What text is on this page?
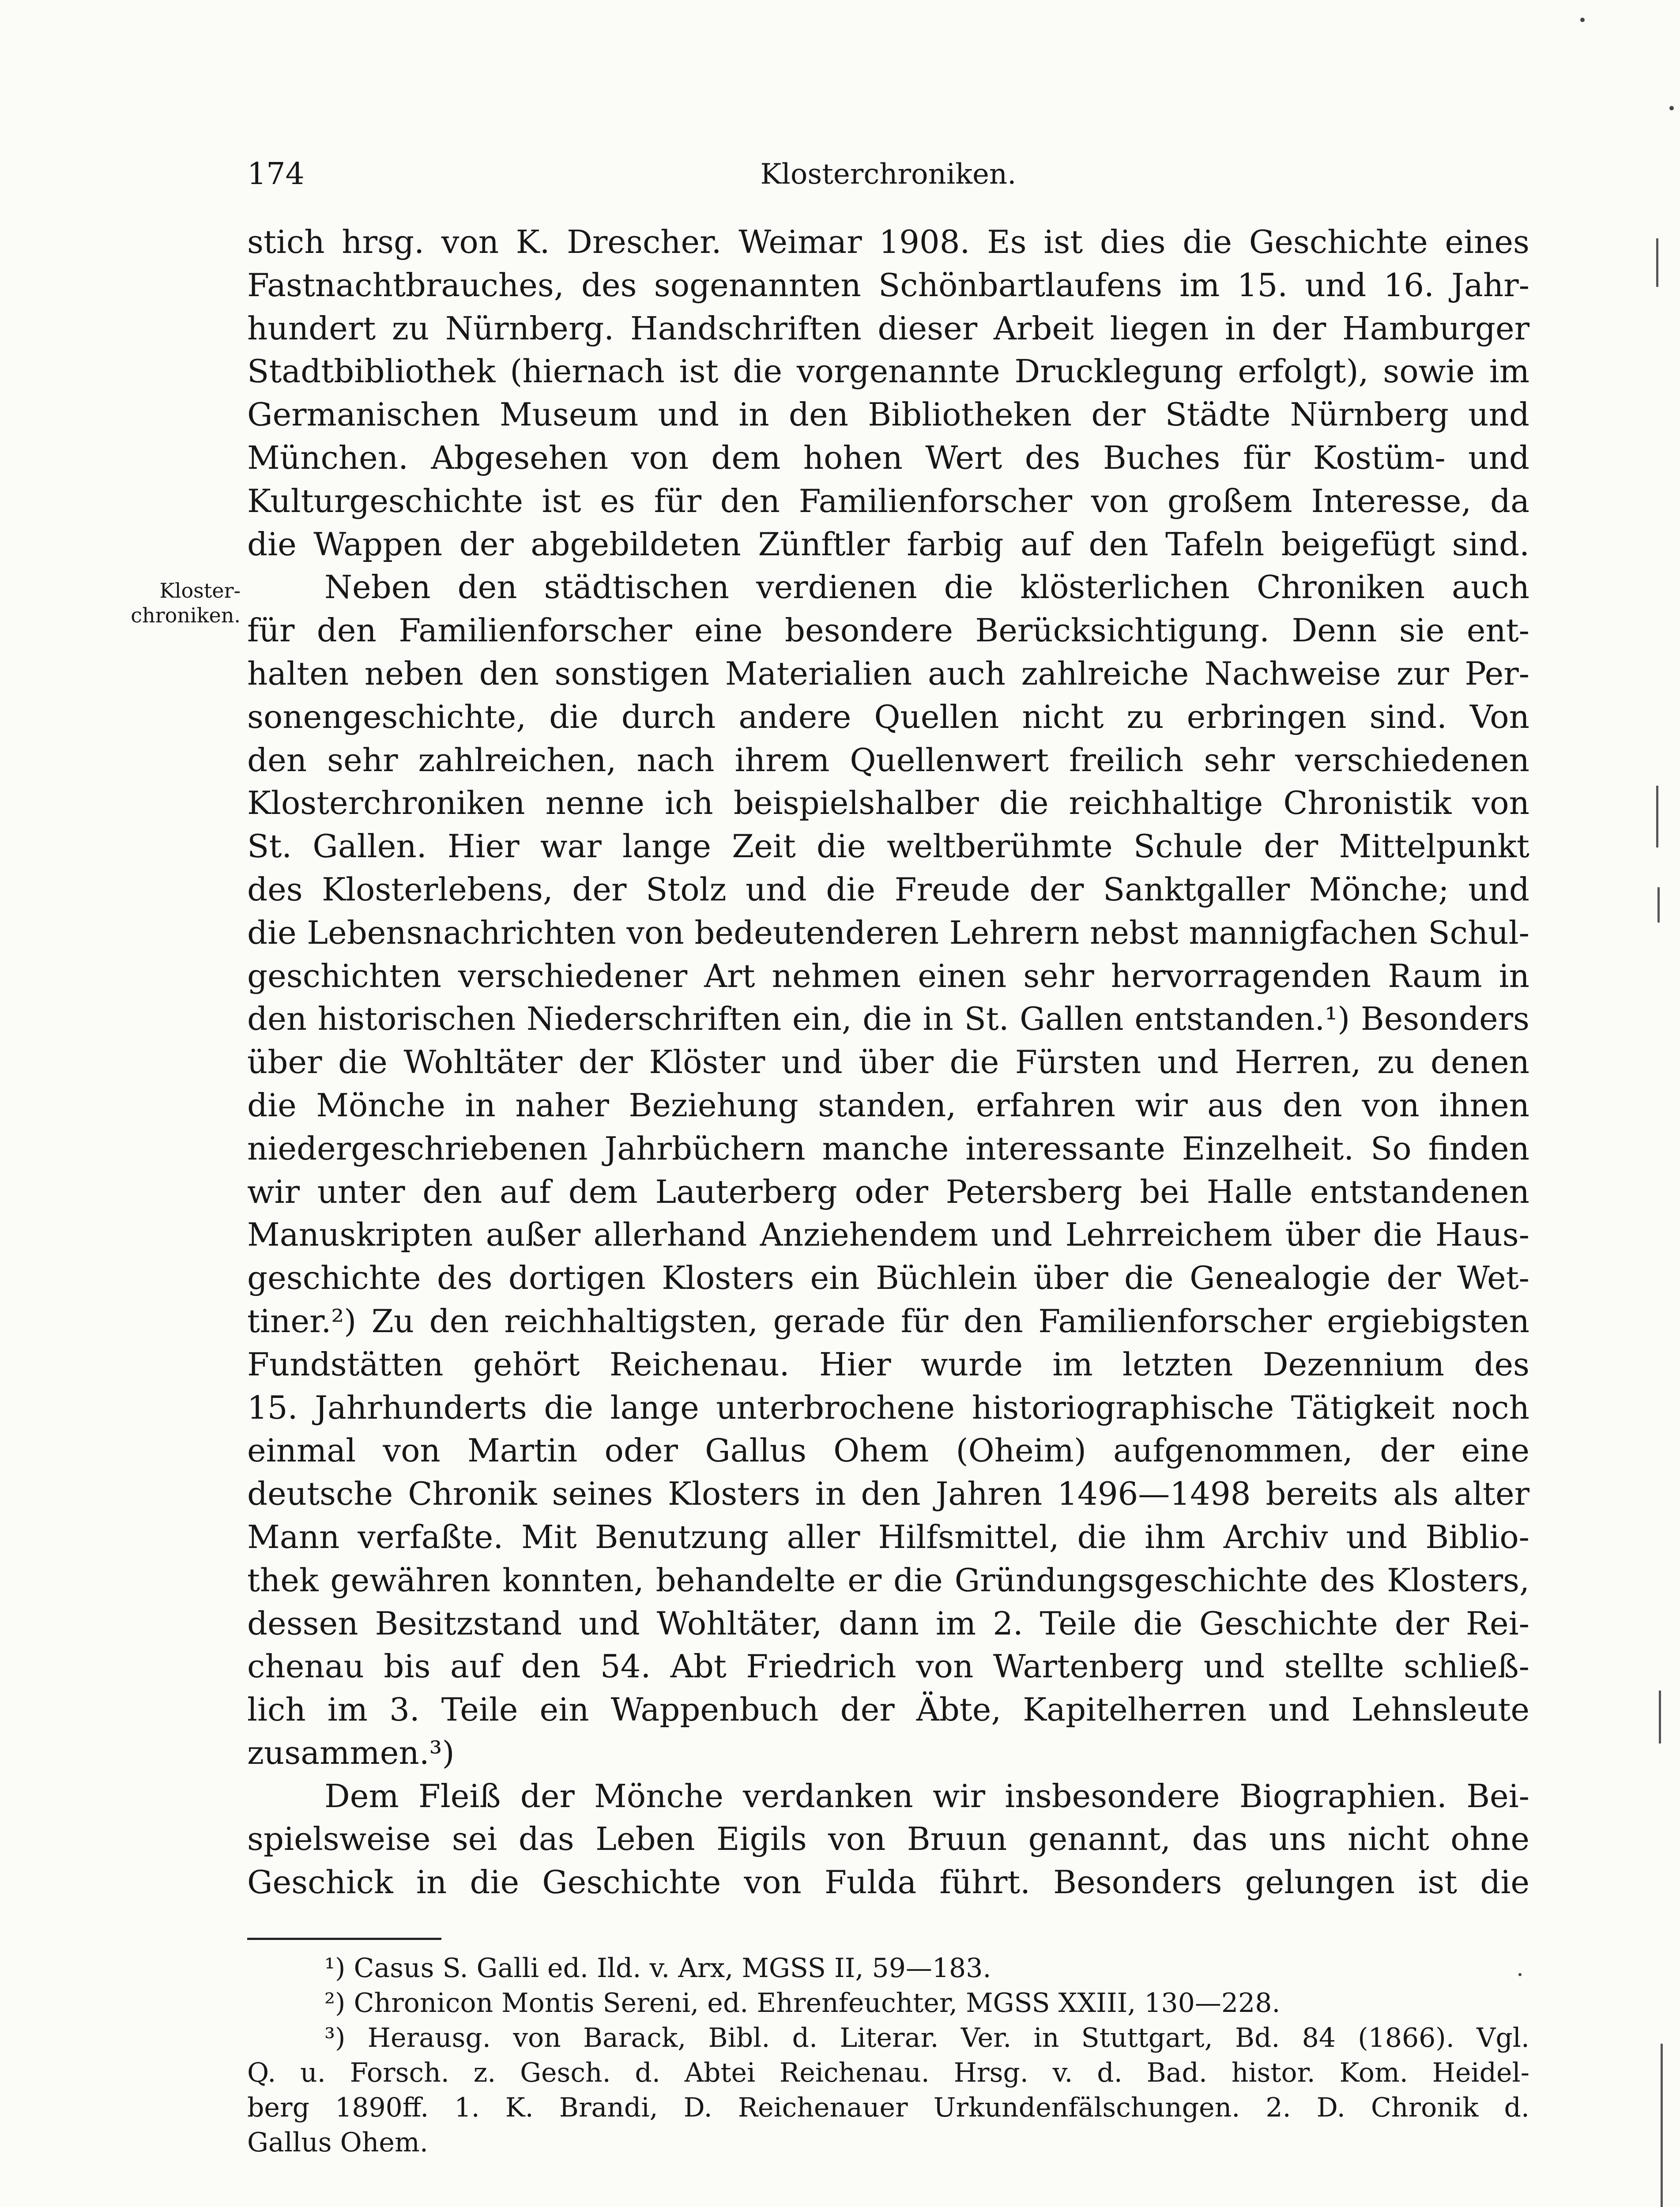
174	Klosterchroniken.
Kloster-
chroniken.
stich hrsg. von K. Drescher. Weimar 1908. Es ist dies die Geschichte eines
Fastnachtbrauches, des sogenannten Schönbartlaufens im 15. und 16. Jahr-
hundert zu Nürnberg. Handschriften dieser Arbeit liegen in der Hamburger
Stadtbibliothek (hiernach ist die vorgenannte Drucklegung erfolgt), sowie im
Germanischen Museum und in den Bibliotheken der Städte Nürnberg und
München. Abgesehen von dem hohen Wert des Buches für Kostüm- und
Kulturgeschichte ist es für den Familienforscher von großem Interesse, da
die Wappen der abgebildeten Zünftler farbig auf den Tafeln beigefügt sind.
Neben den städtischen verdienen die klösterlichen Chroniken auch
für den Familienforscher eine besondere Berücksichtigung. Denn sie ent-
halten neben den sonstigen Materialien auch zahlreiche Nachweise zur Per-
sonengeschichte, die durch andere Quellen nicht zu erbringen sind. Von
den sehr zahlreichen, nach ihrem Quellenwert freilich sehr verschiedenen
Klosterchroniken nenne ich beispielshalber die reichhaltige Chronistik von
St. Gallen. Hier war lange Zeit die weltberühmte Schule der Mittelpunkt
des Klosterlebens, der Stolz und die Freude der Sanktgaller Mönche; und
die Lebensnachrichten von bedeutenderen Lehrern nebst mannigfachen Schul-
geschichten verschiedener Art nehmen einen sehr hervorragenden Raum in
den historischen Niederschriften ein, die in St. Gallen entstanden.¹) Besonders
über die Wohltäter der Klöster und über die Fürsten und Herren, zu denen
die Mönche in naher Beziehung standen, erfahren wir aus den von ihnen
niedergeschriebenen Jahrbüchern manche interessante Einzelheit. So finden
wir unter den auf dem Lauterberg oder Petersberg bei Halle entstandenen
Manuskripten außer allerhand Anziehendem und Lehrreichem über die Haus-
geschichte des dortigen Klosters ein Büchlein über die Genealogie der Wet-
tiner.²) Zu den reichhaltigsten, gerade für den Familienforscher ergiebigsten
Fundstätten gehört Reichenau. Hier wurde im letzten Dezennium des
15. Jahrhunderts die lange unterbrochene historiographische Tätigkeit noch
einmal von Martin oder Gallus Ohem (Oheim) aufgenommen, der eine
deutsche Chronik seines Klosters in den Jahren 1496—1498 bereits als alter
Mann verfaßte. Mit Benutzung aller Hilfsmittel, die ihm Archiv und Biblio-
thek gewähren konnten, behandelte er die Gründungsgeschichte des Klosters,
dessen Besitzstand und Wohltäter, dann im 2. Teile die Geschichte der Rei-
chenau bis auf den 54. Abt Friedrich von Wartenberg und stellte schließ-
lich im 3. Teile ein Wappenbuch der Äbte, Kapitelherren und Lehnsleute
zusammen.³)
Dem Fleiß der Mönche verdanken wir insbesondere Biographien. Bei-
spielsweise sei das Leben Eigils von Bruun genannt, das uns nicht ohne
Geschick in die Geschichte von Fulda führt. Besonders gelungen ist die
¹) Casus S. Galli ed. Ild. v. Arx, MGSS II, 59—183.
²) Chronicon Montis Sereni, ed. Ehrenfeuchter, MGSS XXIII, 130—228.
³) Herausg. von Barack, Bibl. d. Literar. Ver. in Stuttgart, Bd. 84 (1866). Vgl.
Q. u. Forsch. z. Gesch. d. Abtei Reichenau. Hrsg. v. d. Bad. histor. Kom. Heidel-
berg 1890ff. 1. K. Brandi, D. Reichenauer Urkundenfälschungen. 2. D. Chronik d.
Gallus Ohem.
